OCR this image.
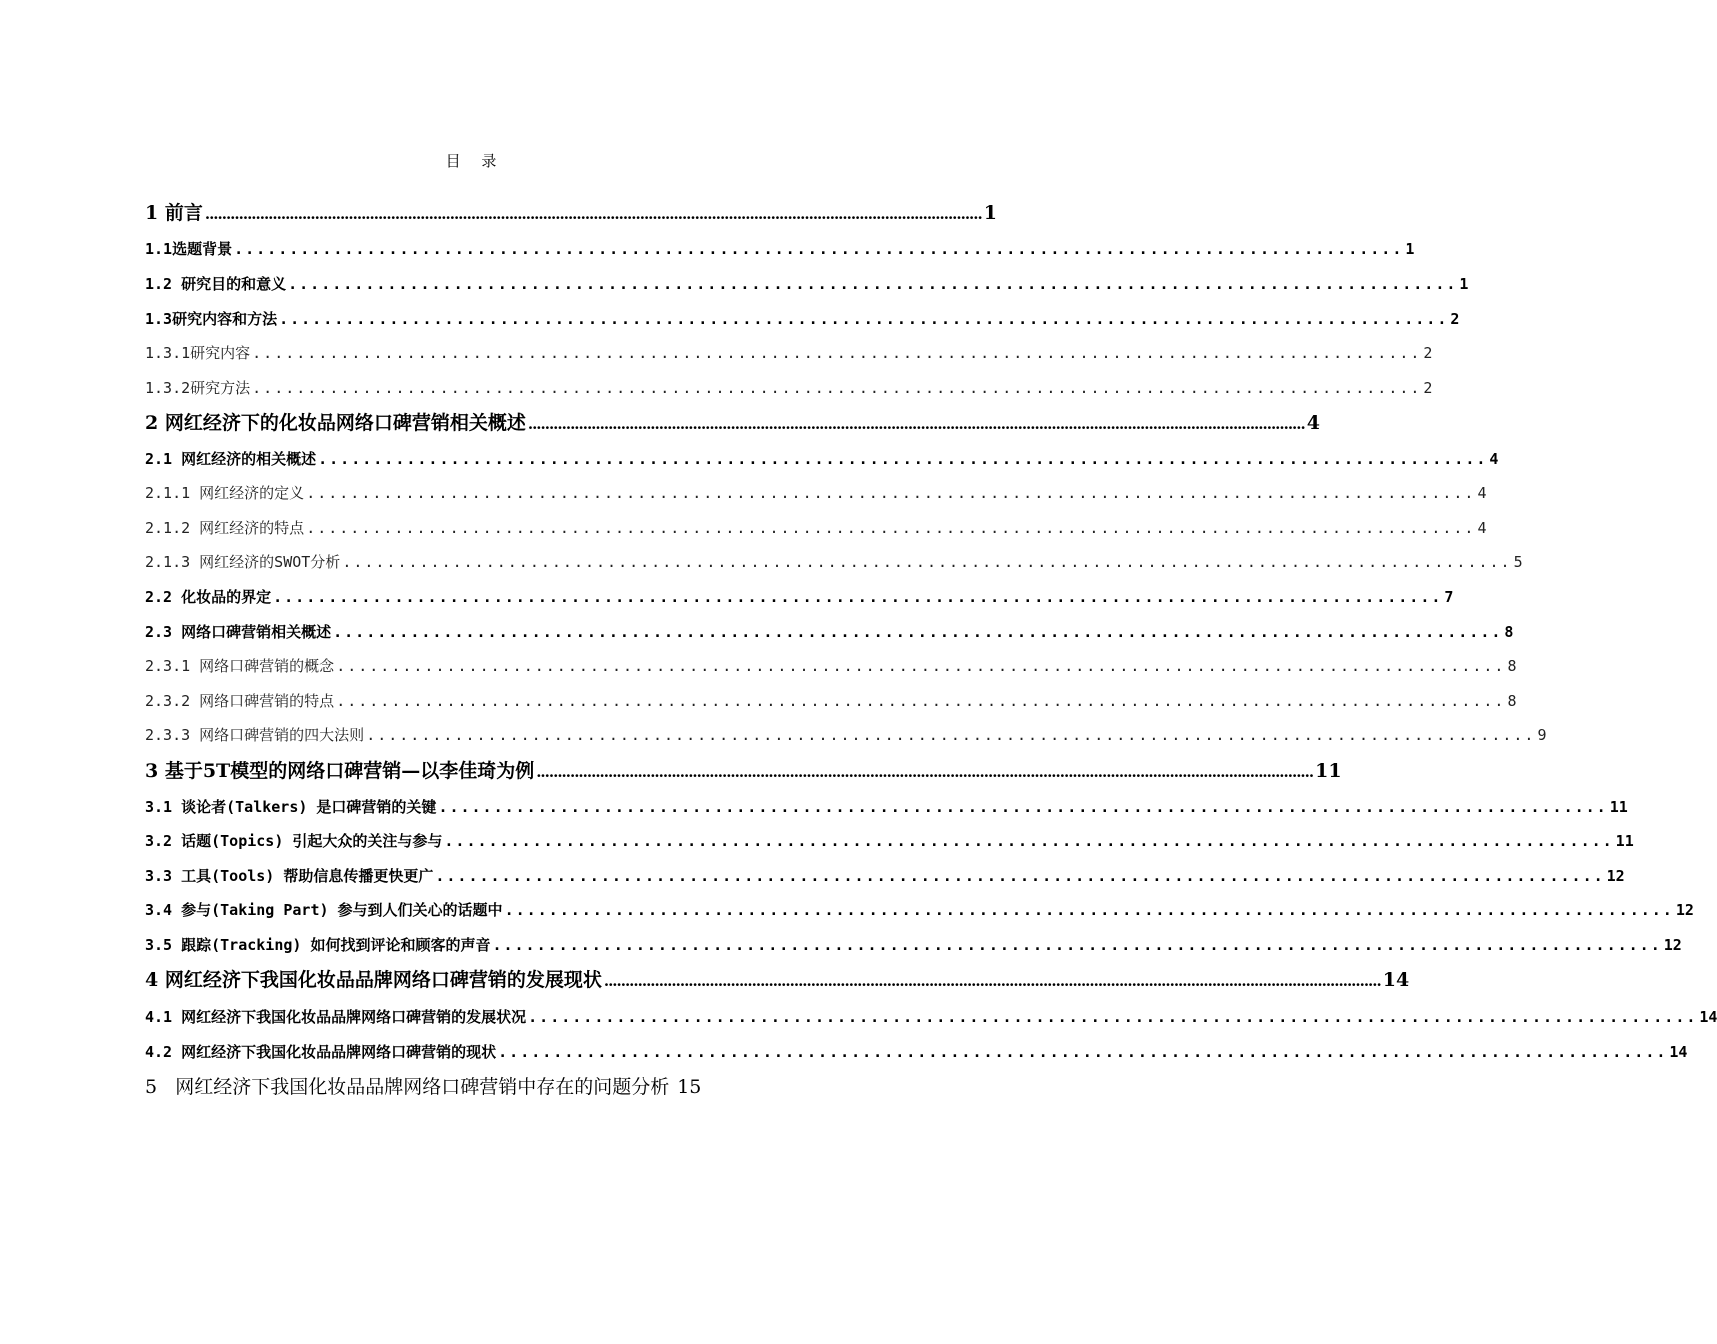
目 录
1 前言 ........................................................................................................................................................................................ 1
1.1选题背景 .......................................................................................................... 1
1.2 研究目的和意义 .......................................................................................................... 1
1.3研究内容和方法 .......................................................................................................... 2
1.3.1研究内容 .......................................................................................................... 2
1.3.2研究方法 .......................................................................................................... 2
2 网红经济下的化妆品网络口碑营销相关概述 ........................................................................................................................................................................................ 4
2.1 网红经济的相关概述 .......................................................................................................... 4
2.1.1 网红经济的定义 .......................................................................................................... 4
2.1.2 网红经济的特点 .......................................................................................................... 4
2.1.3 网红经济的SWOT分析 .......................................................................................................... 5
2.2 化妆品的界定 .......................................................................................................... 7
2.3 网络口碑营销相关概述 .......................................................................................................... 8
2.3.1 网络口碑营销的概念 .......................................................................................................... 8
2.3.2 网络口碑营销的特点 .......................................................................................................... 8
2.3.3 网络口碑营销的四大法则 .......................................................................................................... 9
3 基于5T模型的网络口碑营销—以李佳琦为例 ........................................................................................................................................................................................ 11
3.1 谈论者(Talkers) 是口碑营销的关键 .......................................................................................................... 11
3.2 话题(Topics) 引起大众的关注与参与 .......................................................................................................... 11
3.3 工具(Tools) 帮助信息传播更快更广 .......................................................................................................... 12
3.4 参与(Taking Part) 参与到人们关心的话题中 .......................................................................................................... 12
3.5 跟踪(Tracking) 如何找到评论和顾客的声音 .......................................................................................................... 12
4 网红经济下我国化妆品品牌网络口碑营销的发展现状 ........................................................................................................................................................................................ 14
4.1 网红经济下我国化妆品品牌网络口碑营销的发展状况 .......................................................................................................... 14
4.2 网红经济下我国化妆品品牌网络口碑营销的现状 .......................................................................................................... 14
5   网红经济下我国化妆品品牌网络口碑营销中存在的问题分析 15
